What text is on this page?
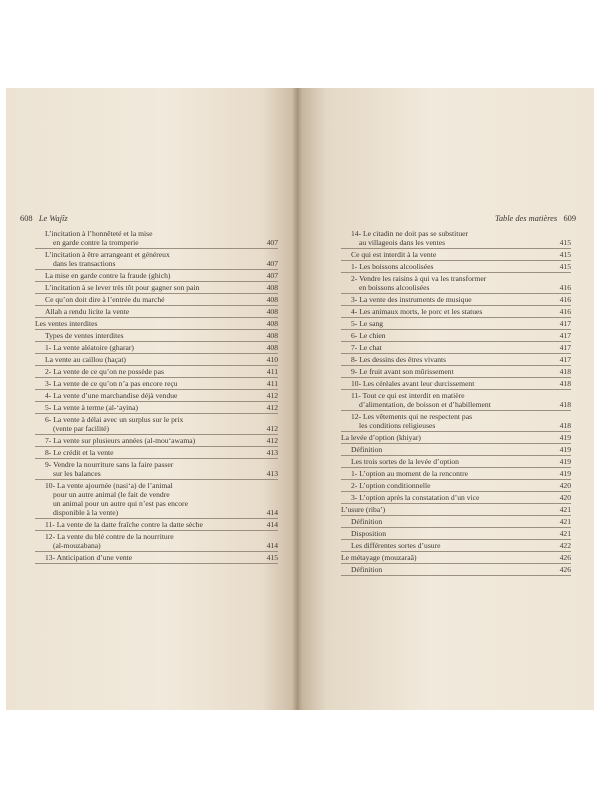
608 Le Wajîz
L’incitation à l’honnêteté et la mise
en garde contre la tromperie	407
L’incitation à être arrangeant et généreux
dans les transactions	407
La mise en garde contre la fraude (ghich)	407
L’incitation à se lever très tôt pour gagner son pain	408
Ce qu’on doit dire à l’entrée du marché	408
Allah a rendu licite la vente	408
Les ventes interdites	408
Types de ventes interdites	408
1- La vente aléatoire (gharar)	408
La vente au caillou (haçat)	410
2- La vente de ce qu’on ne possède pas	411
3- La vente de ce qu’on n’a pas encore reçu	411
4- La vente d’une marchandise déjà vendue	412
5- La vente à terme (al-‘ayina)	412
6- La vente à délai avec un surplus sur le prix
(vente par facilité)	412
7- La vente sur plusieurs années (al-mou‘awama)	412
8- Le crédit et la vente	413
9- Vendre la nourriture sans la faire passer
sur les balances	413
10- La vente ajournée (nasi‘a) de l’animal
pour un autre animal (le fait de vendre
un animal pour un autre qui n’est pas encore
disponible à la vente)	414
11- La vente de la datte fraîche contre la datte sèche	414
12- La vente du blé contre de la nourriture
(al-mouzabana)	414
13- Anticipation d’une vente	415
Table des matières 609
14- Le citadin ne doit pas se substituer
au villageois dans les ventes	415
Ce qui est interdit à la vente	415
1- Les boissons alcoolisées	415
2- Vendre les raisins à qui va les transformer
en boissons alcoolisées	416
3- La vente des instruments de musique	416
4- Les animaux morts, le porc et les statues	416
5- Le sang	417
6- Le chien	417
7- Le chat	417
8- Les dessins des êtres vivants	417
9- Le fruit avant son mûrissement	418
10- Les céréales avant leur durcissement	418
11- Tout ce qui est interdit en matière
d’alimentation, de boisson et d’habillement	418
12- Les vêtements qui ne respectent pas
les conditions religieuses	418
La levée d’option (khiyar)	419
Définition	419
Les trois sortes de la levée d’option	419
1- L’option au moment de la rencontre	419
2- L’option conditionnelle	420
3- L’option après la constatation d’un vice	420
L’usure (riba’)	421
Définition	421
Disposition	421
Les différentes sortes d’usure	422
Le métayage (mouzaraâ)	426
Définition	426
